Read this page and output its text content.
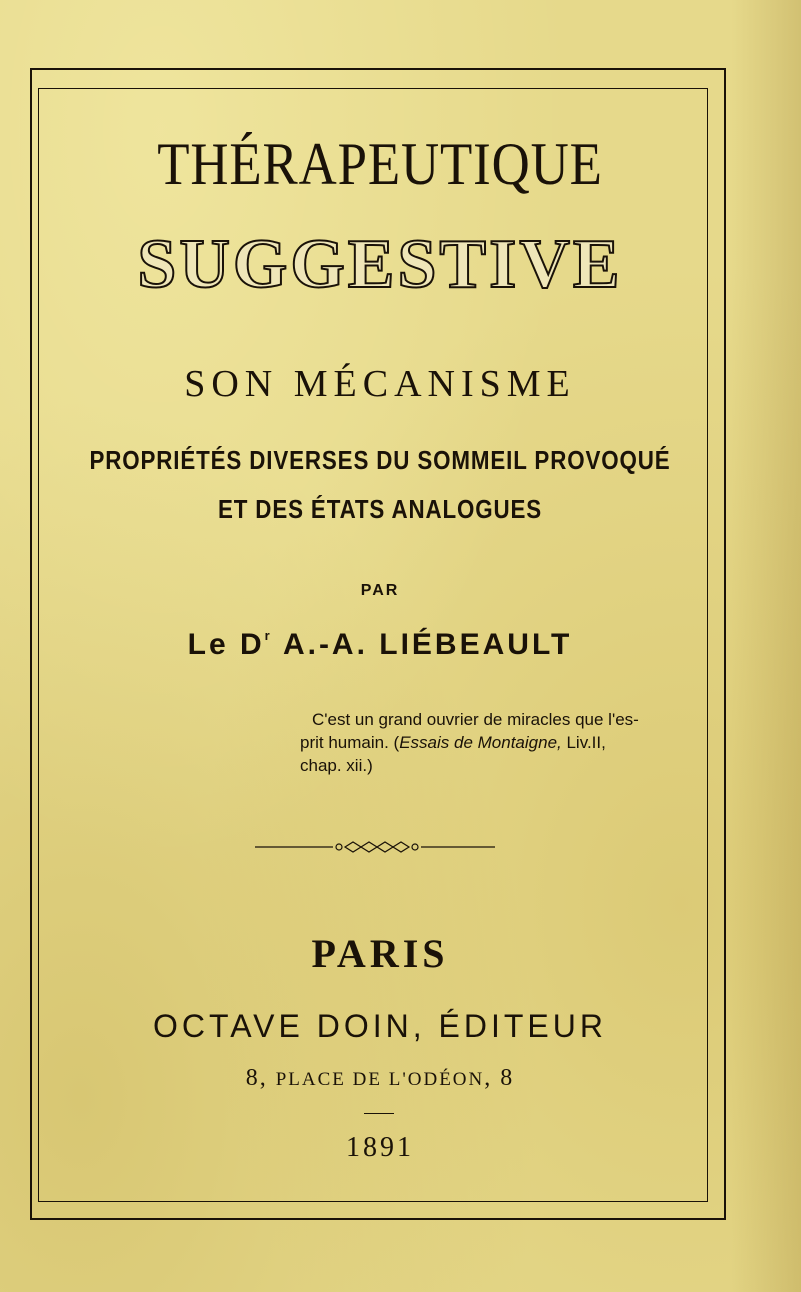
THÉRAPEUTIQUE
SUGGESTIVE
SON MÉCANISME
PROPRIÉTÉS DIVERSES DU SOMMEIL PROVOQUÉ
ET DES ÉTATS ANALOGUES
PAR
Le $D^r$ A.-A. LIÉBEAULT
C'est un grand ouvrier de miracles que l'es-
prit humain. (Essais de Montaigne, Liv.II,
chap. xii.)
PARIS
OCTAVE DOIN, ÉDITEUR
8, PLACE DE L'ODÉON, 8
1891
